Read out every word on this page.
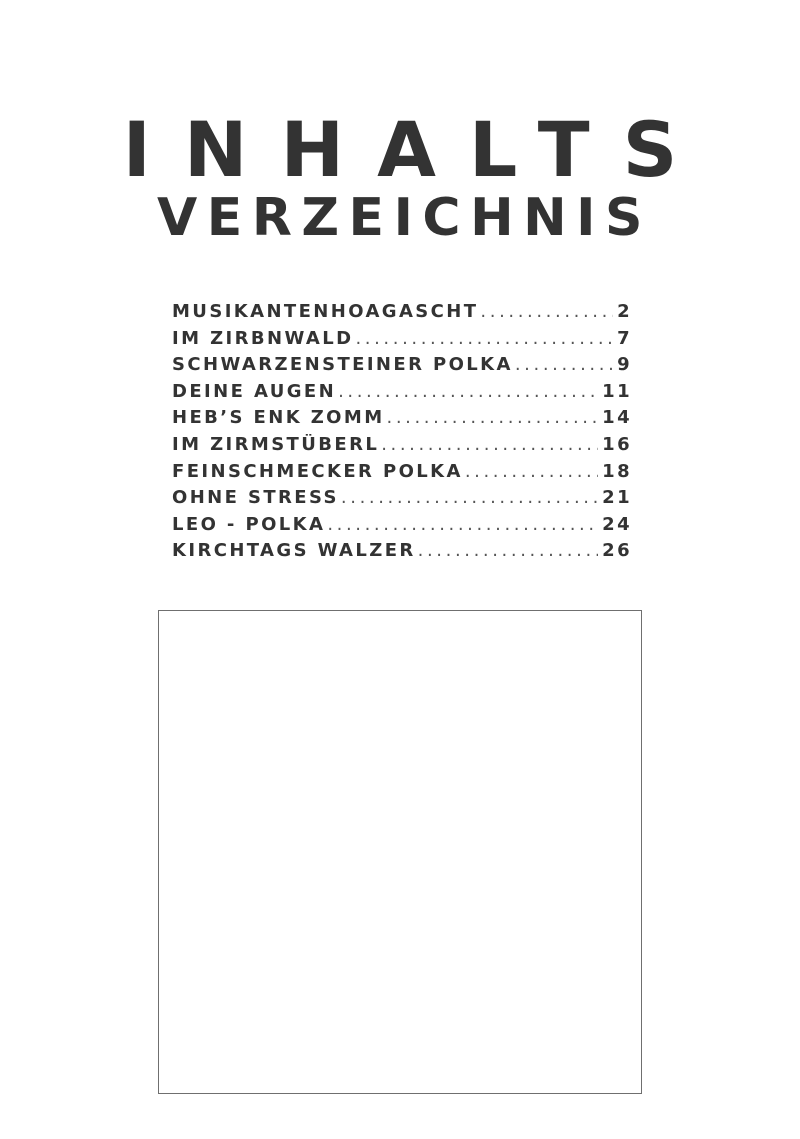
INHALTS
VERZEICHNIS
MUSIKANTENHOAGASCHT .....	2
IM ZIRBNWALD .....	7
SCHWARZENSTEINER POLKA .....	9
DEINE AUGEN .....	11
HEB’S ENK ZOMM .....	14
IM ZIRMSTÜBERL .....	16
FEINSCHMECKER POLKA .....	18
OHNE STRESS .....	21
LEO - POLKA .....	24
KIRCHTAGS WALZER .....	26
